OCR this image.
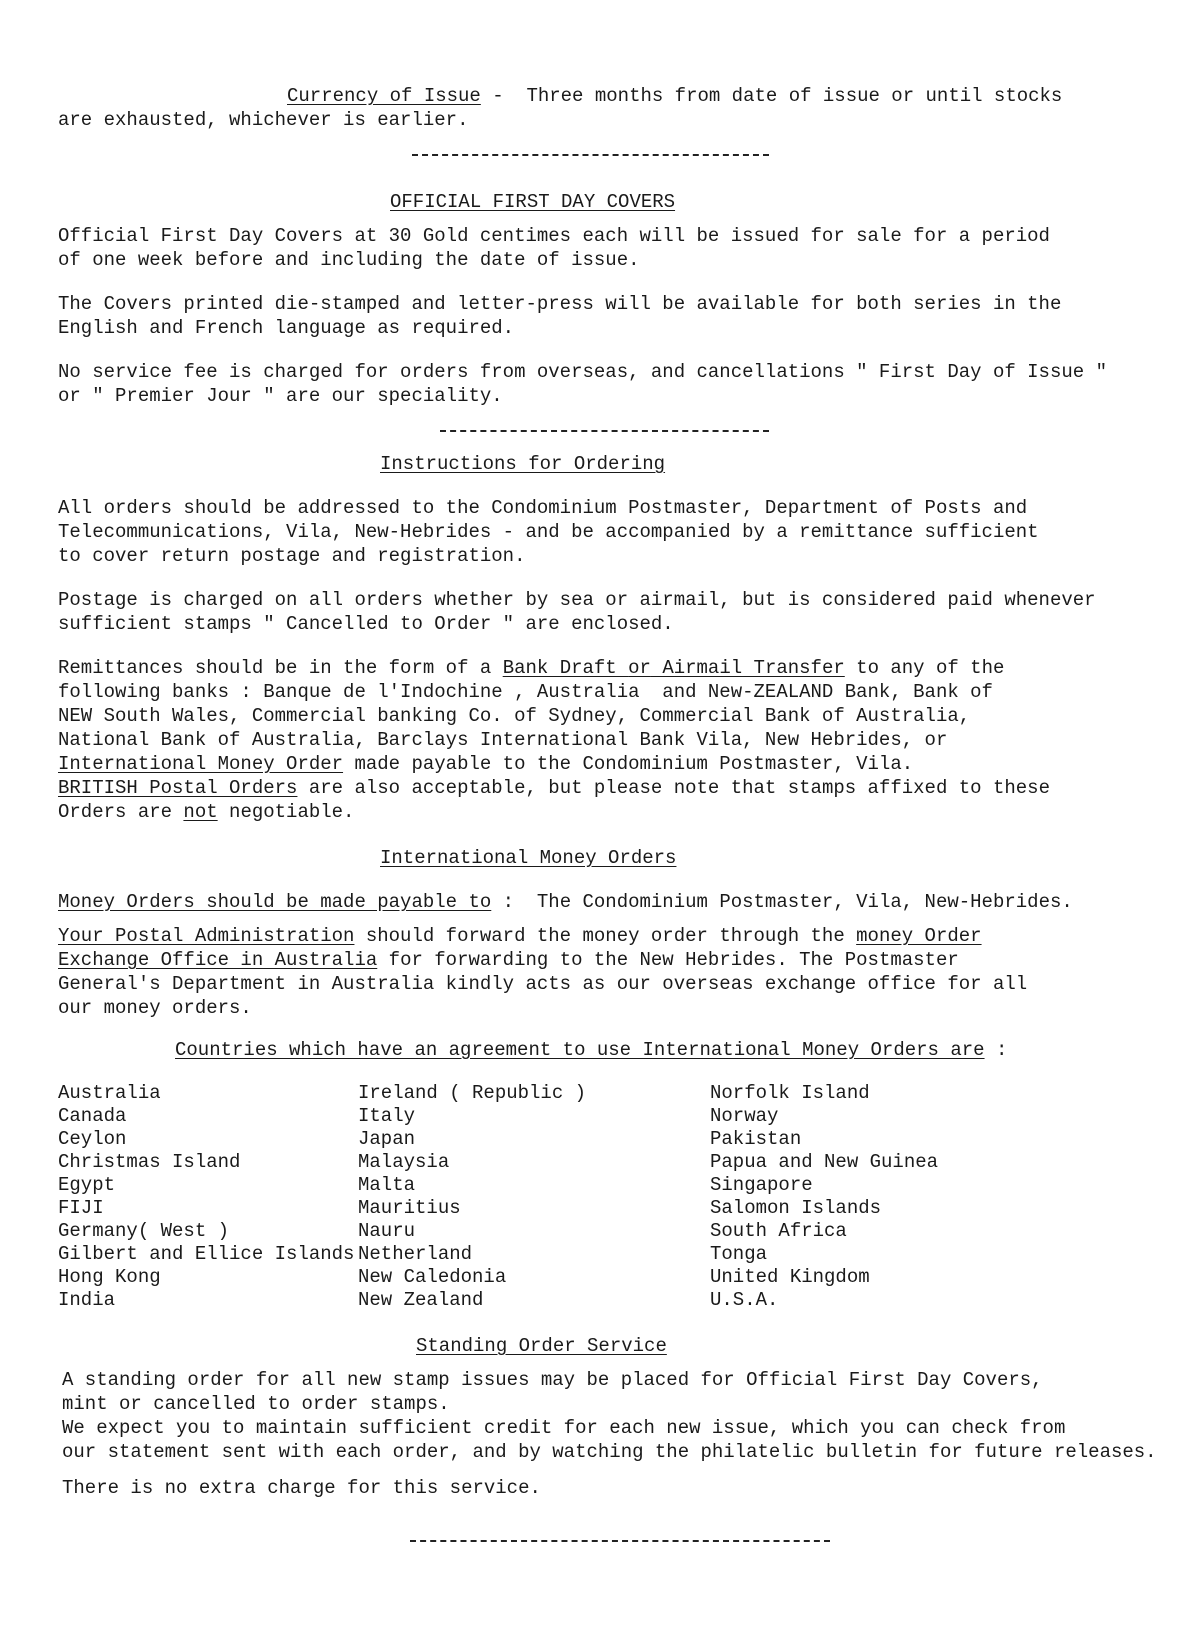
Currency of Issue -  Three months from date of issue or until stocks
are exhausted, whichever is earlier.
OFFICIAL FIRST DAY COVERS
Official First Day Covers at 30 Gold centimes each will be issued for sale for a period
of one week before and including the date of issue.
The Covers printed die-stamped and letter-press will be available for both series in the
English and French language as required.
No service fee is charged for orders from overseas, and cancellations " First Day of Issue "
or " Premier Jour " are our speciality.
Instructions for Ordering
All orders should be addressed to the Condominium Postmaster, Department of Posts and
Telecommunications, Vila, New-Hebrides - and be accompanied by a remittance sufficient
to cover return postage and registration.
Postage is charged on all orders whether by sea or airmail, but is considered paid whenever
sufficient stamps " Cancelled to Order " are enclosed.
Remittances should be in the form of a Bank Draft or Airmail Transfer to any of the
following banks : Banque de l'Indochine , Australia  and New-ZEALAND Bank, Bank of
NEW South Wales, Commercial banking Co. of Sydney, Commercial Bank of Australia,
National Bank of Australia, Barclays International Bank Vila, New Hebrides, or
International Money Order made payable to the Condominium Postmaster, Vila.
BRITISH Postal Orders are also acceptable, but please note that stamps affixed to these
Orders are not negotiable.
International Money Orders
Money Orders should be made payable to :  The Condominium Postmaster, Vila, New-Hebrides.
Your Postal Administration should forward the money order through the money Order
Exchange Office in Australia for forwarding to the New Hebrides. The Postmaster
General's Department in Australia kindly acts as our overseas exchange office for all
our money orders.
Countries which have an agreement to use International Money Orders are :
Australia
Canada
Ceylon
Christmas Island
Egypt
FIJI
Germany( West )
Gilbert and Ellice Islands
Hong Kong
India
Ireland ( Republic )
Italy
Japan
Malaysia
Malta
Mauritius
Nauru
Netherland
New Caledonia
New Zealand
Norfolk Island
Norway
Pakistan
Papua and New Guinea
Singapore
Salomon Islands
South Africa
Tonga
United Kingdom
U.S.A.
Standing Order Service
A standing order for all new stamp issues may be placed for Official First Day Covers,
mint or cancelled to order stamps.
We expect you to maintain sufficient credit for each new issue, which you can check from
our statement sent with each order, and by watching the philatelic bulletin for future releases.
There is no extra charge for this service.
